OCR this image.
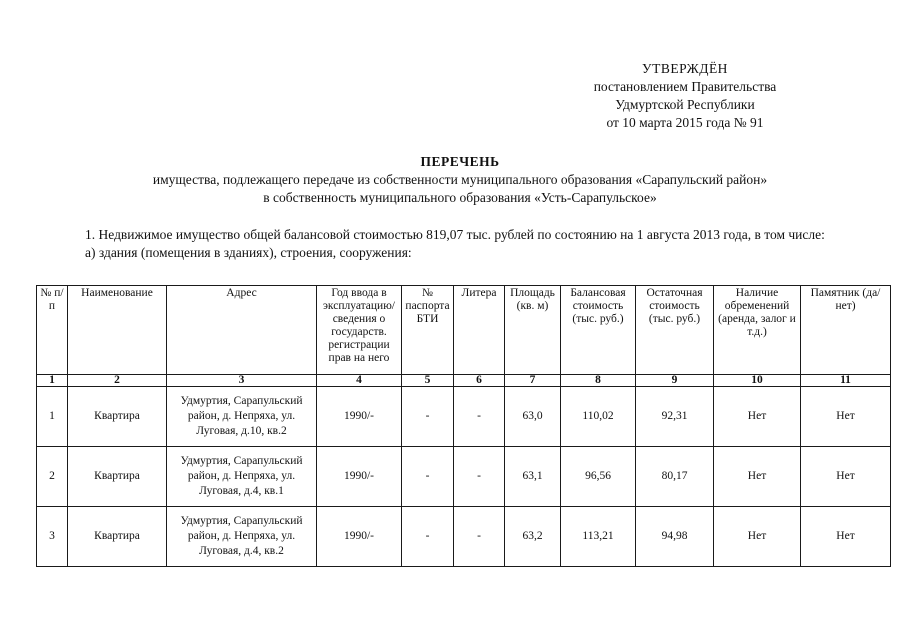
УТВЕРЖДЁН
постановлением Правительства
Удмуртской Республики
от 10 марта 2015 года № 91
ПЕРЕЧЕНЬ
имущества, подлежащего передаче из собственности муниципального образования «Сарапульский район»
в собственность муниципального образования «Усть-Сарапульское»
1. Недвижимое имущество общей балансовой стоимостью 819,07 тыс. рублей по состоянию на 1 августа 2013 года, в том числе:
а) здания (помещения в зданиях), строения, сооружения:
№ п/п	Наименование	Адрес	Год ввода в эксплуатацию/ сведения о государств. регистрации прав на него	№ паспорта БТИ	Литера	Площадь (кв. м)	Балансовая стоимость (тыс. руб.)	Остаточная стоимость (тыс. руб.)	Наличие обременений (аренда, залог и т.д.)	Памятник (да/нет)
1	2	3	4	5	6	7	8	9	10	11
1	Квартира	Удмуртия, Сарапульский район, д. Непряха, ул. Луговая, д.10, кв.2	1990/-	-	-	63,0	110,02	92,31	Нет	Нет
2	Квартира	Удмуртия, Сарапульский район, д. Непряха, ул. Луговая, д.4, кв.1	1990/-	-	-	63,1	96,56	80,17	Нет	Нет
3	Квартира	Удмуртия, Сарапульский район, д. Непряха, ул. Луговая, д.4, кв.2	1990/-	-	-	63,2	113,21	94,98	Нет	Нет
